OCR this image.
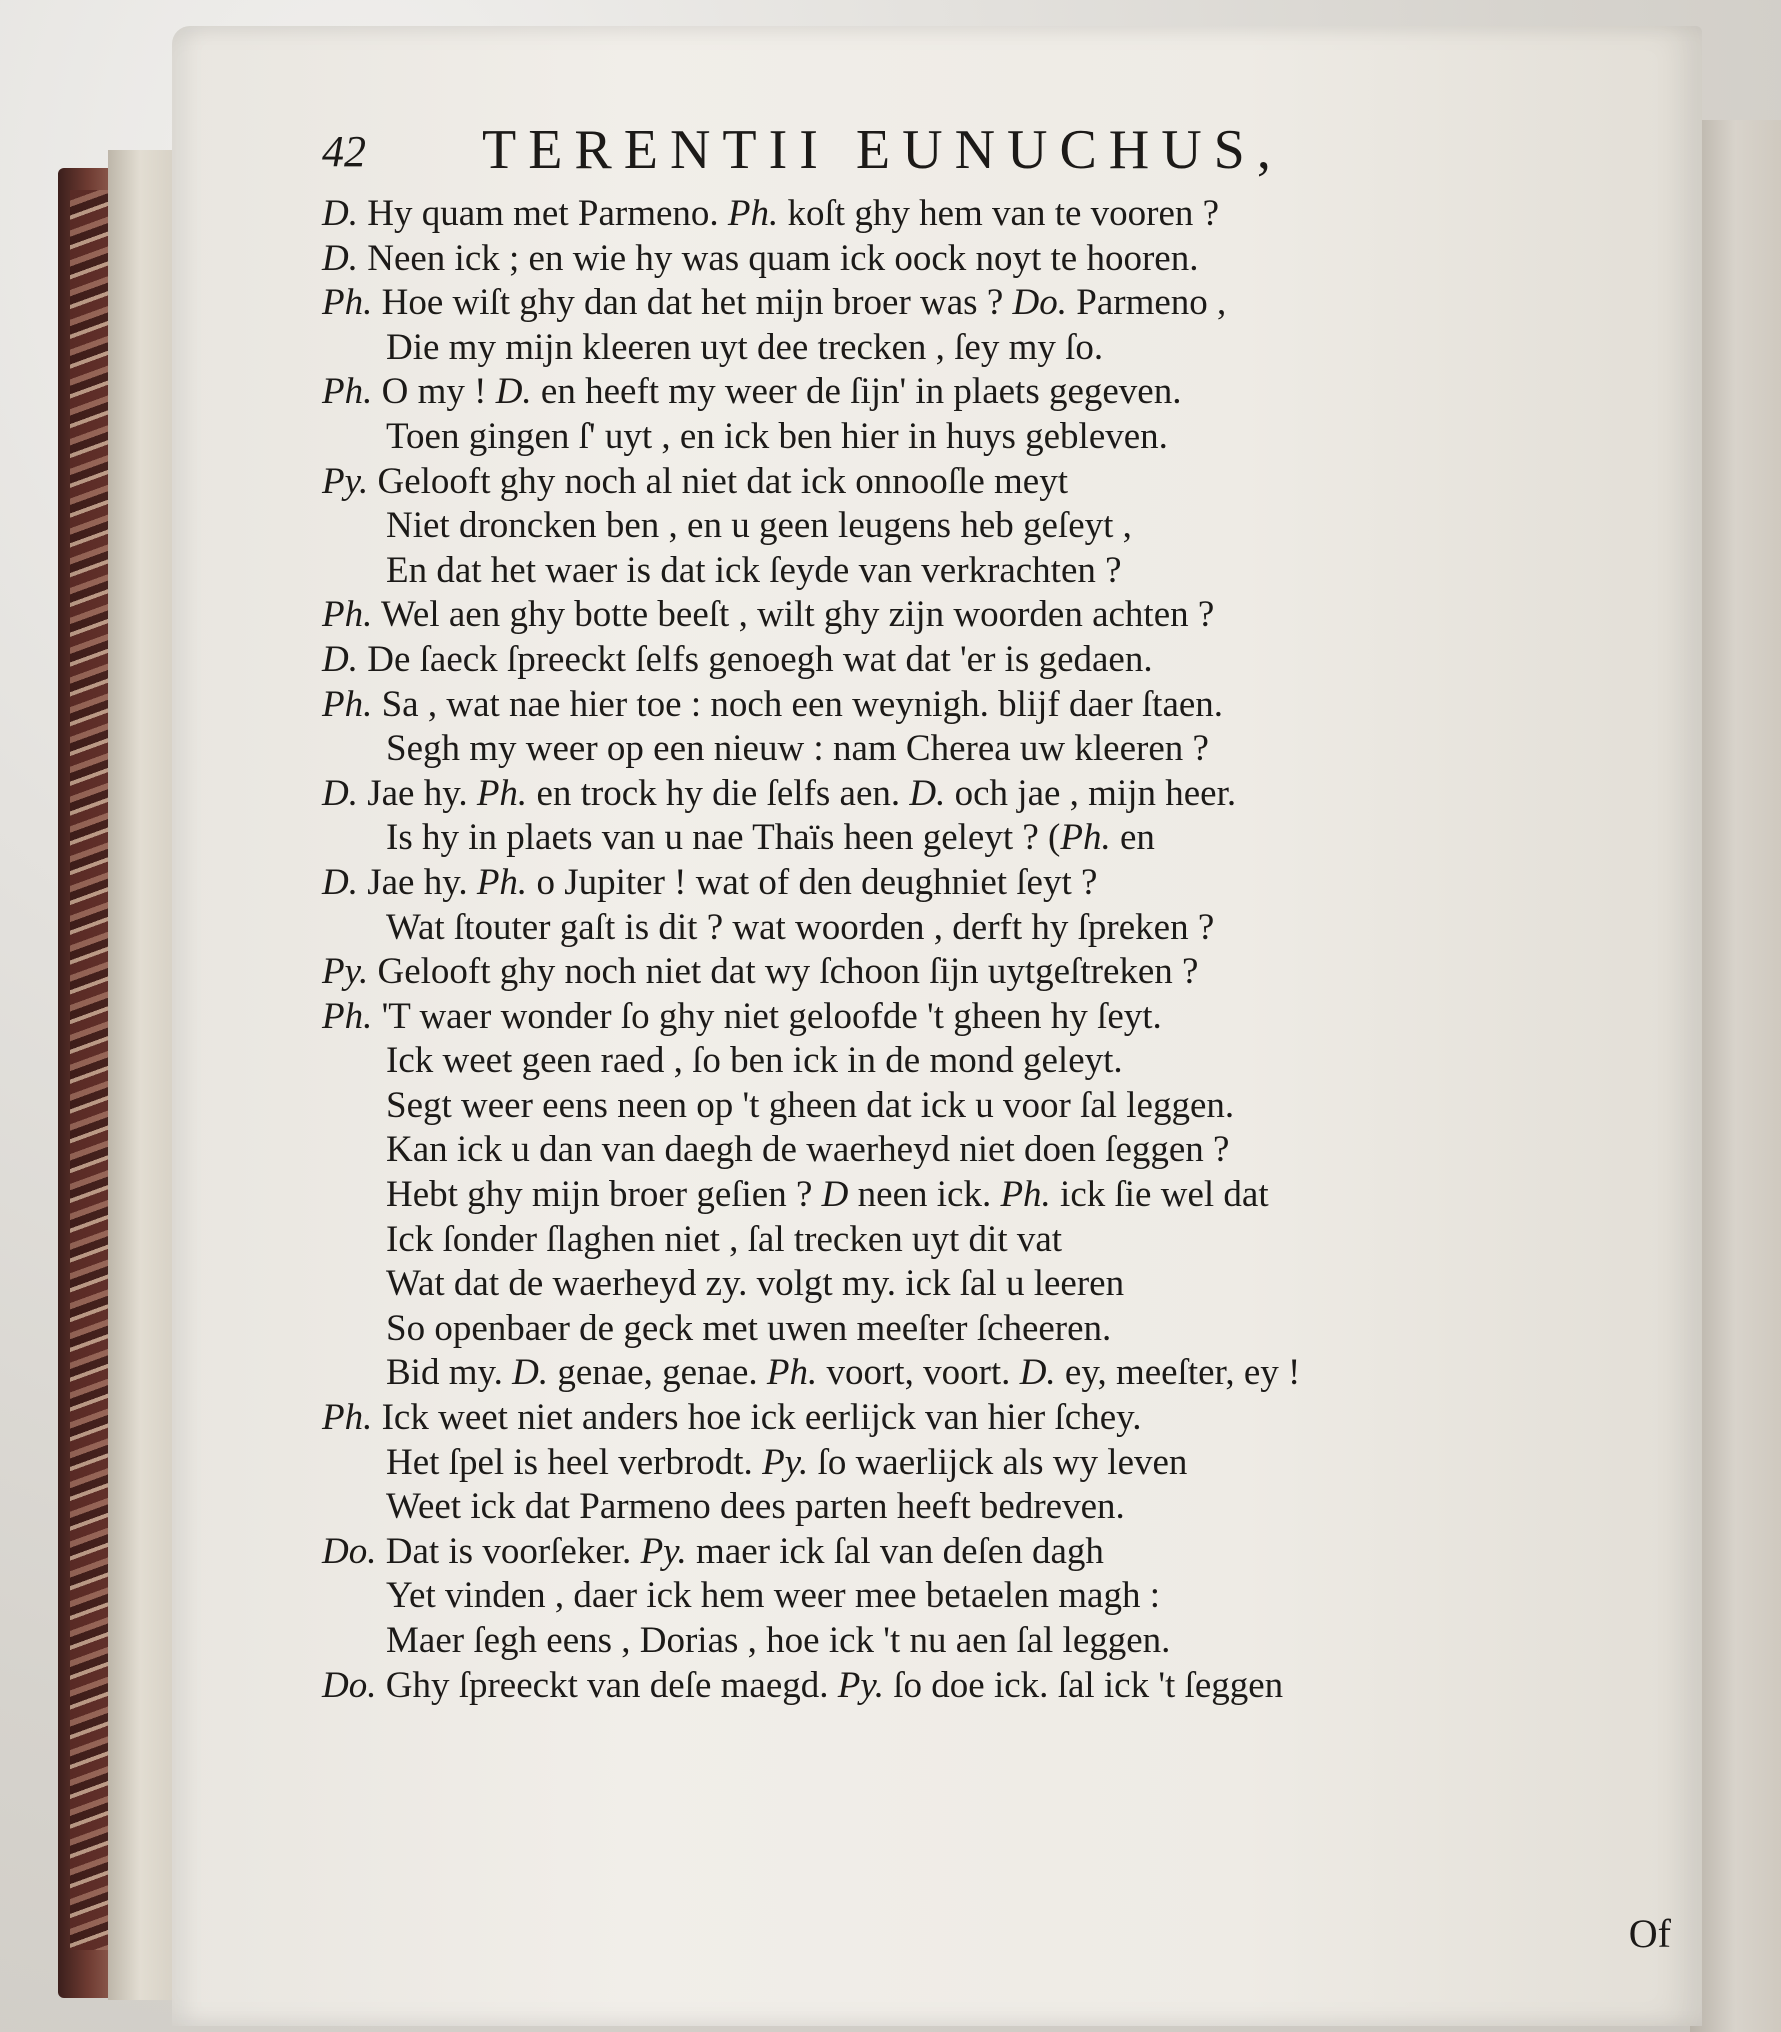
42 TERENTII EUNUCHUS,
D. Hy quam met Parmeno. Ph. koſt ghy hem van te vooren ?
D. Neen ick ; en wie hy was quam ick oock noyt te hooren.
Ph. Hoe wiſt ghy dan dat het mijn broer was ? Do. Parmeno ,
Die my mijn kleeren uyt dee trecken , ſey my ſo.
Ph. O my ! D. en heeft my weer de ſijn' in plaets gegeven.
Toen gingen ſ' uyt , en ick ben hier in huys gebleven.
Py. Gelooft ghy noch al niet dat ick onnooſle meyt
Niet droncken ben , en u geen leugens heb geſeyt ,
En dat het waer is dat ick ſeyde van verkrachten ?
Ph. Wel aen ghy botte beeſt , wilt ghy zijn woorden achten ?
D. De ſaeck ſpreeckt ſelfs genoegh wat dat 'er is gedaen.
Ph. Sa , wat nae hier toe : noch een weynigh. blijf daer ſtaen.
Segh my weer op een nieuw : nam Cherea uw kleeren ?
D. Jae hy. Ph. en trock hy die ſelfs aen. D. och jae , mijn heer.
Is hy in plaets van u nae Thaïs heen geleyt ? (Ph. en
D. Jae hy. Ph. o Jupiter ! wat of den deughniet ſeyt ?
Wat ſtouter gaſt is dit ? wat woorden , derft hy ſpreken ?
Py. Gelooft ghy noch niet dat wy ſchoon ſijn uytgeſtreken ?
Ph. 'T waer wonder ſo ghy niet geloofde 't gheen hy ſeyt.
Ick weet geen raed , ſo ben ick in de mond geleyt.
Segt weer eens neen op 't gheen dat ick u voor ſal leggen.
Kan ick u dan van daegh de waerheyd niet doen ſeggen ?
Hebt ghy mijn broer geſien ? D neen ick. Ph. ick ſie wel dat
Ick ſonder ſlaghen niet , ſal trecken uyt dit vat
Wat dat de waerheyd zy. volgt my. ick ſal u leeren
So openbaer de geck met uwen meeſter ſcheeren.
Bid my. D. genae, genae. Ph. voort, voort. D. ey, meeſter, ey !
Ph. Ick weet niet anders hoe ick eerlijck van hier ſchey.
Het ſpel is heel verbrodt. Py. ſo waerlijck als wy leven
Weet ick dat Parmeno dees parten heeft bedreven.
Do. Dat is voorſeker. Py. maer ick ſal van deſen dagh
Yet vinden , daer ick hem weer mee betaelen magh :
Maer ſegh eens , Dorias , hoe ick 't nu aen ſal leggen.
Do. Ghy ſpreeckt van deſe maegd. Py. ſo doe ick. ſal ick 't ſeggen
Of
